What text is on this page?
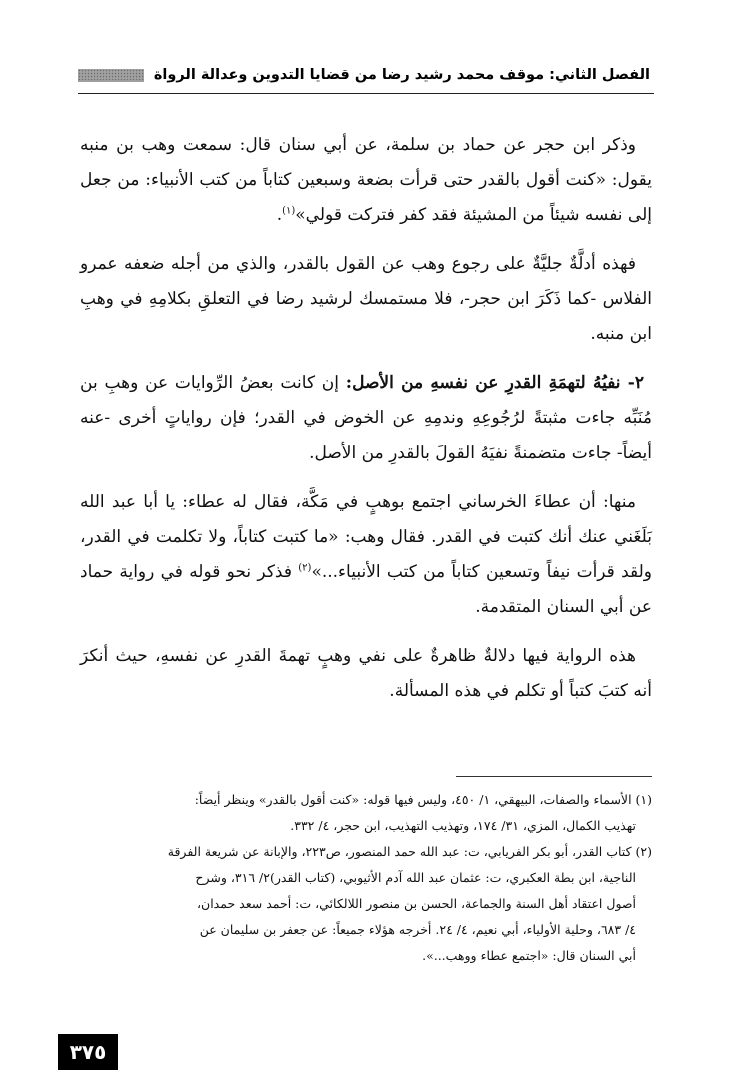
الفصل الثاني: موقف محمد رشيد رضا من قضايا التدوين وعدالة الرواة

وذكر ابن حجر عن حماد بن سلمة، عن أبي سنان قال: سمعت وهب بن منبه يقول: «كنت أقول بالقدر حتى قرأت بضعة وسبعين كتاباً من كتب الأنبياء: من جعل إلى نفسه شيئاً من المشيئة فقد كفر فتركت قولي»$^{(١)}$.

فهذه أدلَّةٌ جليَّةٌ على رجوع وهب عن القول بالقدر، والذي من أجله ضعفه عمرو الفلاس -كما ذَكَرَ ابن حجر-، فلا مستمسك لرشيد رضا في التعلقِ بكلامِهِ في وهبِ ابن منبه.

٢- نفيُهُ لتهمَةِ القدرِ عن نفسهِ من الأصل: إن كانت بعضُ الرِّوايات عن وهبِ بن مُنَبِّه جاءت مثبتةً لرُجُوعِهِ وندمِهِ عن الخوض في القدر؛ فإن رواياتٍ أخرى -عنه أيضاً- جاءت متضمنةً نفيَهُ القولَ بالقدرِ من الأصل.

منها: أن عطاءَ الخرساني اجتمع بوهبٍ في مَكَّة، فقال له عطاء: يا أبا عبد الله بَلَغَني عنك أنك كتبت في القدر. فقال وهب: «ما كتبت كتاباً، ولا تكلمت في القدر، ولقد قرأت نيفاً وتسعين كتاباً من كتب الأنبياء...»$^{(٢)}$ فذكر نحو قوله في رواية حماد عن أبي السنان المتقدمة.

هذه الرواية فيها دلالةٌ ظاهرةٌ على نفي وهبٍ تهمةَ القدرِ عن نفسهِ، حيث أنكرَ أنه كتبَ كتباً أو تكلم في هذه المسألة.

(١) الأسماء والصفات، البيهقي، ١/ ٤٥٠، وليس فيها قوله: «كنت أقول بالقدر» وينظر أيضاً:

تهذيب الكمال، المزي، ٣١/ ١٧٤، وتهذيب التهذيب، ابن حجر، ٤/ ٣٣٢.

(٢) كتاب القدر، أبو بكر الفريابي، ت: عبد الله حمد المنصور، ص٢٢٣، والإبانة عن شريعة الفرقة

الناجية، ابن بطة العكبري، ت: عثمان عبد الله آدم الأثيوبي، (كتاب القدر)٢/ ٣١٦، وشرح

أصول اعتقاد أهل السنة والجماعة، الحسن بن منصور اللالكائي، ت: أحمد سعد حمدان،

٤/ ٦٨٣، وحلية الأولياء، أبي نعيم، ٤/ ٢٤. أخرجه هؤلاء جميعاً: عن جعفر بن سليمان عن

أبي السنان قال: «اجتمع عطاء ووهب...».

٣٧٥
